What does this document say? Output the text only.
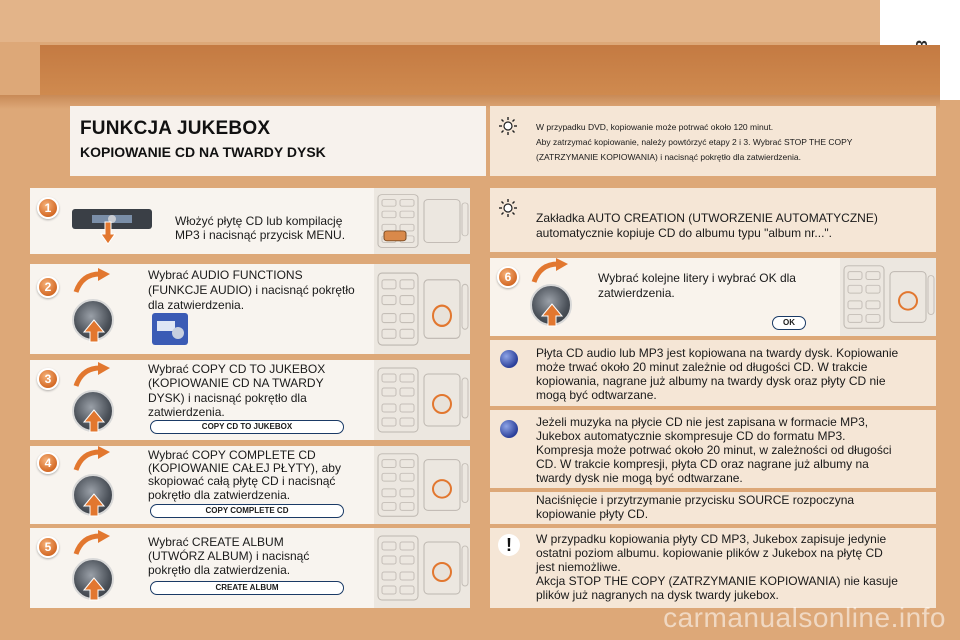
FUNKCJA JUKEBOX
KOPIOWANIE CD NA TWARDY DYSK
W przypadku DVD, kopiowanie może potrwać około 120 minut.
Aby zatrzymać kopiowanie, należy powtórzyć etapy 2 i 3. Wybrać STOP THE COPY
(ZATRZYMANIE KOPIOWANIA) i nacisnąć pokrętło dla zatwierdzenia.
1
Włożyć płytę CD lub kompilację
MP3 i nacisnąć przycisk MENU.
2
Wybrać AUDIO FUNCTIONS
(FUNKCJE AUDIO) i nacisnąć pokrętło
dla zatwierdzenia.
3
Wybrać COPY CD TO JUKEBOX
(KOPIOWANIE CD NA TWARDY
DYSK) i nacisnąć pokrętło dla
zatwierdzenia.
COPY CD TO JUKEBOX
4
Wybrać COPY COMPLETE CD
(KOPIOWANIE CAŁEJ PŁYTY), aby
skopiować całą płytę CD i nacisnąć
pokrętło dla zatwierdzenia.
COPY COMPLETE CD
5	Wybrać CREATE ALBUM
(UTWÓRZ ALBUM) i nacisnąć
pokrętło dla zatwierdzenia.
CREATE ALBUM
Zakładka AUTO CREATION (UTWORZENIE AUTOMATYCZNE)
automatycznie kopiuje CD do albumu typu "album nr...".
6	Wybrać kolejne litery i wybrać OK dla
zatwierdzenia.
OK
Płyta CD audio lub MP3 jest kopiowana na twardy dysk. Kopiowanie
może trwać około 20 minut zależnie od długości CD. W trakcie
kopiowania, nagrane już albumy na twardy dysk oraz płyty CD nie
mogą być odtwarzane.
Jeżeli muzyka na płycie CD nie jest zapisana w formacie MP3,
Jukebox automatycznie skompresuje CD do formatu MP3.
Kompresja może potrwać około 20 minut, w zależności od długości
CD. W trakcie kompresji, płyta CD oraz nagrane już albumy na
twardy dysk nie mogą być odtwarzane.
Naciśnięcie i przytrzymanie przycisku SOURCE rozpoczyna
kopiowanie płyty CD.
!	W przypadku kopiowania płyty CD MP3, Jukebox zapisuje jedynie
ostatni poziom albumu. kopiowanie plików z Jukebox na płytę CD
jest niemożliwe.
Akcja STOP THE COPY (ZATRZYMANIE KOPIOWANIA) nie kasuje
plików już nagranych na dysk twardy jukebox.
carmanualsonline.info
